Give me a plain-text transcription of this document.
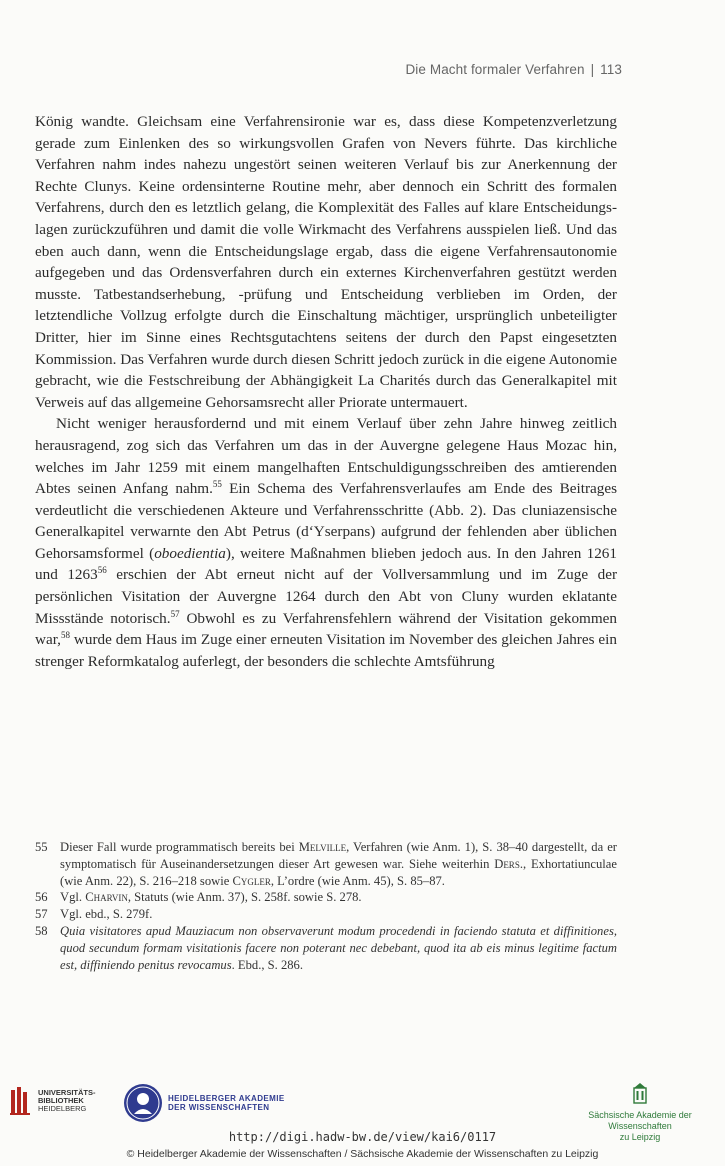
Die Macht formaler Verfahren | 113

König wandte. Gleichsam eine Verfahrensironie war es, dass diese Kompetenzverletzung gerade zum Einlenken des so wirkungsvollen Grafen von Nevers führte. Das kirchliche Verfahren nahm indes nahezu ungestört seinen weiteren Verlauf bis zur Anerkennung der Rechte Clunys. Keine ordensinterne Routine mehr, aber dennoch ein Schritt des formalen Verfahrens, durch den es letztlich gelang, die Komplexität des Falles auf klare Entscheidungslagen zurückzuführen und damit die volle Wirkmacht des Verfahrens ausspielen ließ. Und das eben auch dann, wenn die Entscheidungslage ergab, dass die eigene Verfahrensautonomie aufgegeben und das Ordensverfahren durch ein externes Kirchenverfahren gestützt werden musste. Tatbestandserhebung, -prüfung und Entscheidung verblieben im Orden, der letztendliche Vollzug erfolgte durch die Einschaltung mächtiger, ursprünglich unbeteiligter Dritter, hier im Sinne eines Rechtsgutachtens seitens der durch den Papst eingesetzten Kommission. Das Verfahren wurde durch diesen Schritt jedoch zurück in die eigene Autonomie gebracht, wie die Festschreibung der Abhängigkeit La Charités durch das Generalkapitel mit Verweis auf das allgemeine Gehorsamsrecht aller Priorate untermauert.

Nicht weniger herausfordernd und mit einem Verlauf über zehn Jahre hinweg zeitlich herausragend, zog sich das Verfahren um das in der Auvergne gelegene Haus Mozac hin, welches im Jahr 1259 mit einem mangelhaften Entschuldigungsschreiben des amtierenden Abtes seinen Anfang nahm.$^{55}$ Ein Schema des Verfahrensverlaufes am Ende des Beitrages verdeutlicht die verschiedenen Akteure und Verfahrensschritte (Abb. 2). Das cluniazensische Generalkapitel verwarnte den Abt Petrus (d‘Yserpans) aufgrund der fehlenden aber üblichen Gehorsamsformel (oboedientia), weitere Maßnahmen blieben jedoch aus. In den Jahren 1261 und 1263$^{56}$ erschien der Abt erneut nicht auf der Vollversammlung und im Zuge der persönlichen Visitation der Auvergne 1264 durch den Abt von Cluny wurden eklatante Missstände notorisch.$^{57}$ Obwohl es zu Verfahrensfehlern während der Visitation gekommen war,$^{58}$ wurde dem Haus im Zuge einer erneuten Visitation im November des gleichen Jahres ein strenger Reformkatalog auferlegt, der besonders die schlechte Amtsführung

55 Dieser Fall wurde programmatisch bereits bei Melville, Verfahren (wie Anm. 1), S. 38–40 dargestellt, da er symptomatisch für Auseinandersetzungen dieser Art gewesen war. Siehe weiterhin Ders., Exhortatiunculae (wie Anm. 22), S. 216–218 sowie Cygler, L’ordre (wie Anm. 45), S. 85–87.
56 Vgl. Charvin, Statuts (wie Anm. 37), S. 258f. sowie S. 278.
57 Vgl. ebd., S. 279f.
58 Quia visitatores apud Mauziacum non observaverunt modum procedendi in faciendo statuta et diffinitiones, quod secundum formam visitationis facere non poterant nec debebant, quod ita ab eis minus legitime factum est, diffiniendo penitus revocamus. Ebd., S. 286.
UNIVERSITÄTS-
BIBLIOTHEK
HEIDELBERG
HEIDELBERGER AKADEMIE
DER WISSENSCHAFTEN
Sächsische Akademie der Wissenschaften
zu Leipzig
http://digi.hadw-bw.de/view/kai6/0117
© Heidelberger Akademie der Wissenschaften / Sächsische Akademie der Wissenschaften zu Leipzig
